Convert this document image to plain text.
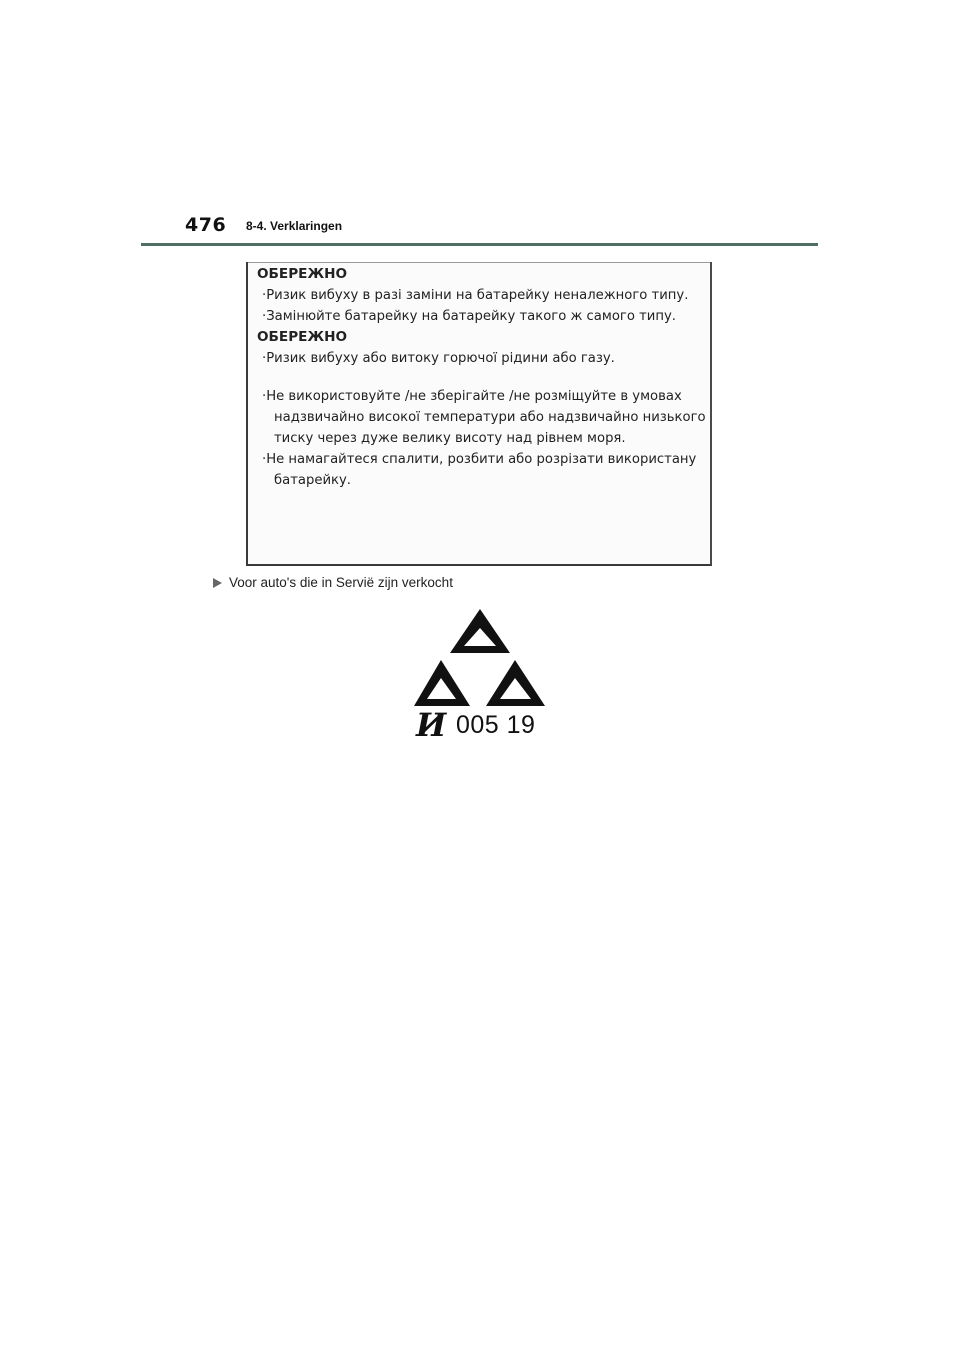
476 8-4. Verklaringen

ОБЕРЕЖНО

·Ризик вибуху в разі заміни на батарейку неналежного типу.

·Замінюйте батарейку на батарейку такого ж самого типу.

ОБЕРЕЖНО

·Ризик вибуху або витоку горючої рідини або газу.

·Не використовуйте /не зберігайте /не розміщуйте в умовах

надзвичайно високої температури або надзвичайно низького

тиску через дуже велику висоту над рівнем моря.

·Не намагайтеся спалити, розбити або розрізати використану

батарейку.

Voor auto's die in Servië zijn verkocht
И 005 19
